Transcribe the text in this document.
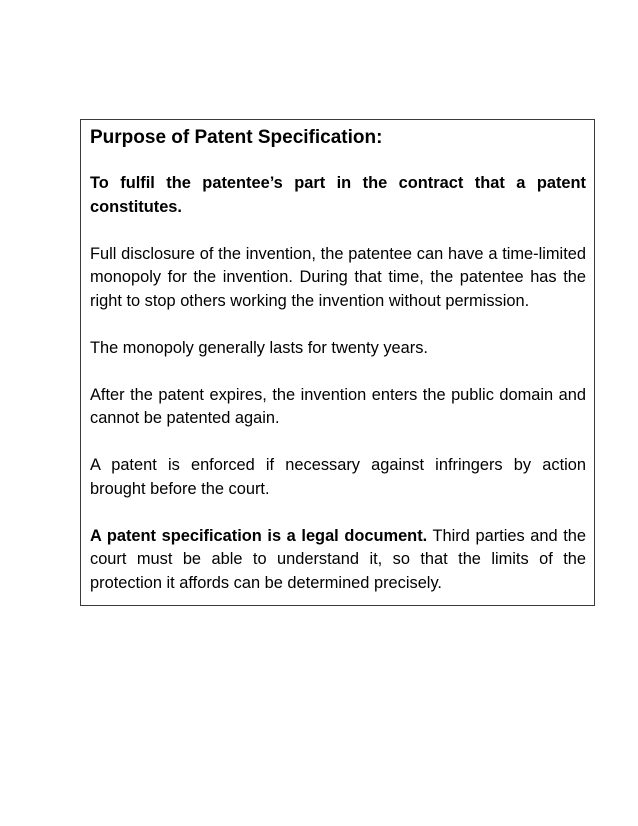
Purpose of Patent Specification:
To fulfil the patentee’s part in the contract that a patent constitutes.
Full disclosure of the invention, the patentee can have a time-limited monopoly for the invention. During that time, the patentee has the right to stop others working the invention without permission.
The monopoly generally lasts for twenty years.
After the patent expires, the invention enters the public domain and cannot be patented again.
A patent is enforced if necessary against infringers by action brought before the court.
A patent specification is a legal document. Third parties and the court must be able to understand it, so that the limits of the protection it affords can be determined precisely.
